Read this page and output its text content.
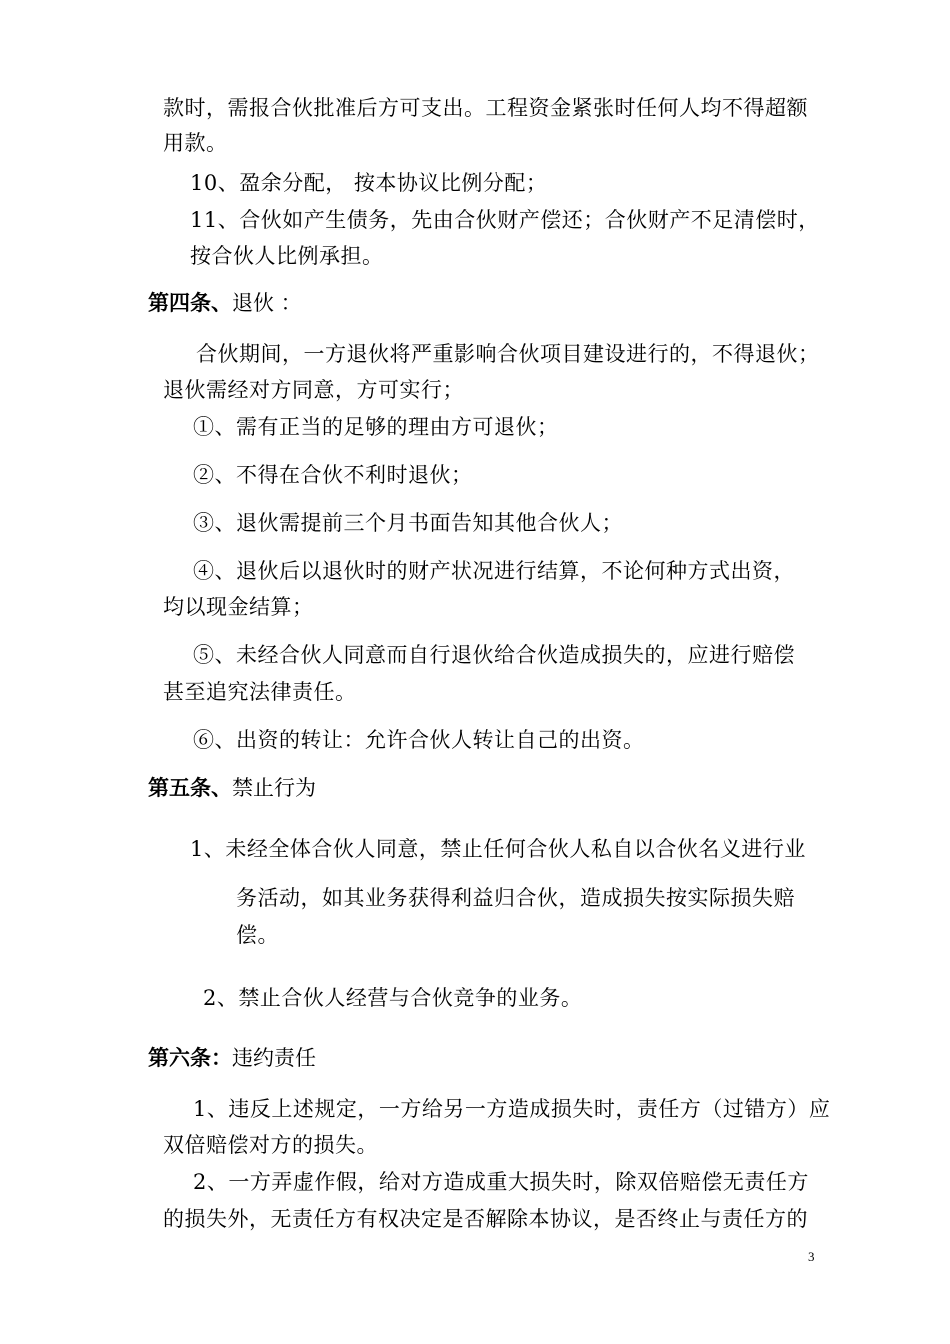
款时，需报合伙批准后方可支出。工程资金紧张时任何人均不得超额
用款。
10、盈余分配， 按本协议比例分配；
11、合伙如产生债务，先由合伙财产偿还；合伙财产不足清偿时，
按合伙人比例承担。
第四条、退伙 ：
合伙期间，一方退伙将严重影响合伙项目建设进行的，不得退伙；
退伙需经对方同意，方可实行；
①、需有正当的足够的理由方可退伙；
②、不得在合伙不利时退伙；
③、退伙需提前三个月书面告知其他合伙人；
④、退伙后以退伙时的财产状况进行结算，不论何种方式出资，
均以现金结算；
⑤、未经合伙人同意而自行退伙给合伙造成损失的，应进行赔偿
甚至追究法律责任。
⑥、出资的转让：允许合伙人转让自己的出资。
第五条、禁止行为
1、未经全体合伙人同意，禁止任何合伙人私自以合伙名义进行业
务活动，如其业务获得利益归合伙，造成损失按实际损失赔
偿。
2、禁止合伙人经营与合伙竞争的业务。
第六条：违约责任
1、违反上述规定，一方给另一方造成损失时，责任方（过错方）应
双倍赔偿对方的损失。
2、一方弄虚作假，给对方造成重大损失时，除双倍赔偿无责任方
的损失外，无责任方有权决定是否解除本协议，是否终止与责任方的
3
